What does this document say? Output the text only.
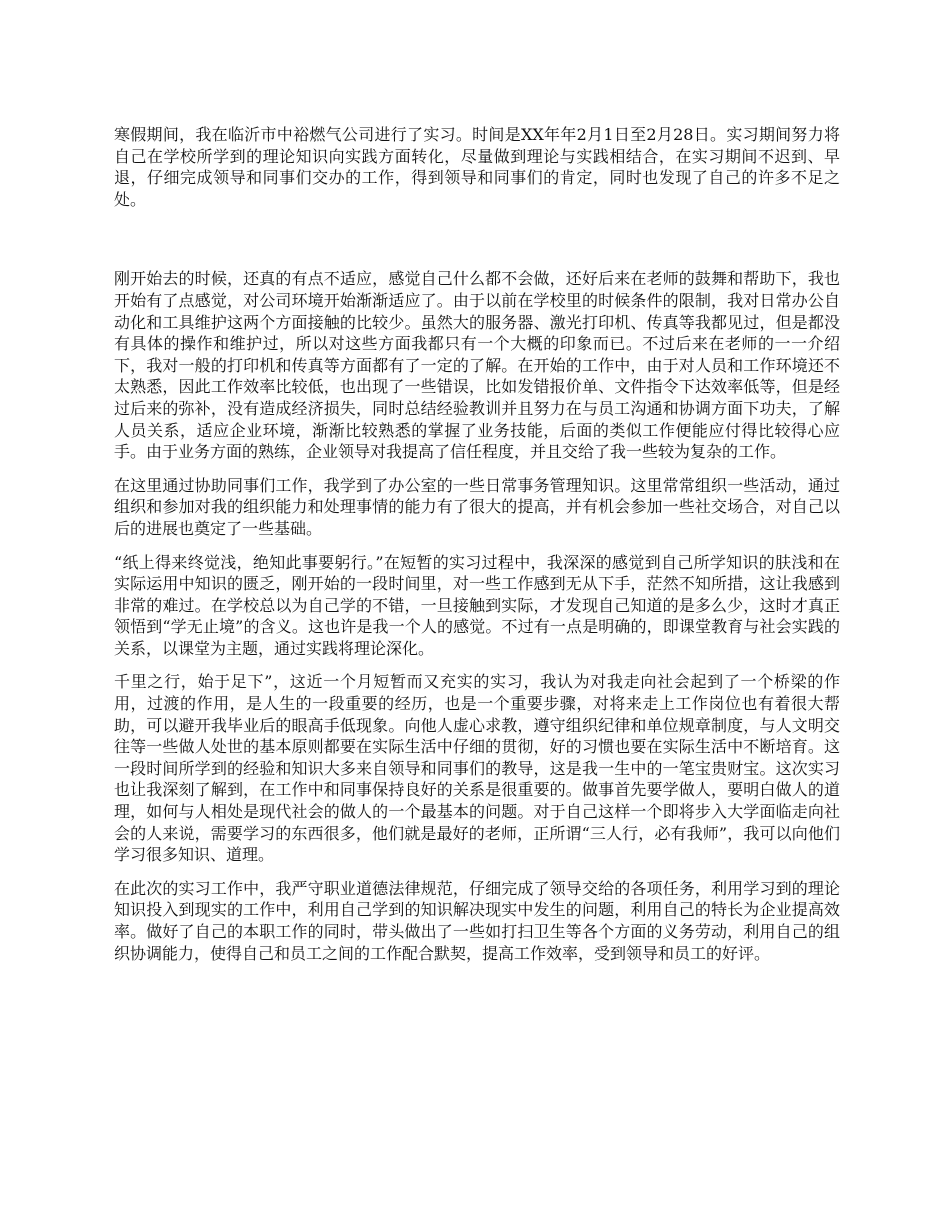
寒假期间，我在临沂市中裕燃气公司进行了实习。时间是XX年年2月1日至2月28日。实习期间努力将自己在学校所学到的理论知识向实践方面转化，尽量做到理论与实践相结合，在实习期间不迟到、早退，仔细完成领导和同事们交办的工作，得到领导和同事们的肯定，同时也发现了自己的许多不足之处。

刚开始去的时候，还真的有点不适应，感觉自己什么都不会做，还好后来在老师的鼓舞和帮助下，我也开始有了点感觉，对公司环境开始渐渐适应了。由于以前在学校里的时候条件的限制，我对日常办公自动化和工具维护这两个方面接触的比较少。虽然大的服务器、激光打印机、传真等我都见过，但是都没有具体的操作和维护过，所以对这些方面我都只有一个大概的印象而已。不过后来在老师的一一介绍下，我对一般的打印机和传真等方面都有了一定的了解。在开始的工作中，由于对人员和工作环境还不太熟悉，因此工作效率比较低，也出现了一些错误，比如发错报价单、文件指令下达效率低等，但是经过后来的弥补，没有造成经济损失，同时总结经验教训并且努力在与员工沟通和协调方面下功夫，了解人员关系，适应企业环境，渐渐比较熟悉的掌握了业务技能，后面的类似工作便能应付得比较得心应手。由于业务方面的熟练，企业领导对我提高了信任程度，并且交给了我一些较为复杂的工作。

在这里通过协助同事们工作，我学到了办公室的一些日常事务管理知识。这里常常组织一些活动，通过组织和参加对我的组织能力和处理事情的能力有了很大的提高，并有机会参加一些社交场合，对自己以后的进展也奠定了一些基础。

“纸上得来终觉浅，绝知此事要躬行。”在短暂的实习过程中，我深深的感觉到自己所学知识的肤浅和在实际运用中知识的匮乏，刚开始的一段时间里，对一些工作感到无从下手，茫然不知所措，这让我感到非常的难过。在学校总以为自己学的不错，一旦接触到实际，才发现自己知道的是多么少，这时才真正领悟到“学无止境”的含义。这也许是我一个人的感觉。不过有一点是明确的，即课堂教育与社会实践的关系，以课堂为主题，通过实践将理论深化。

千里之行，始于足下”，这近一个月短暂而又充实的实习，我认为对我走向社会起到了一个桥梁的作用，过渡的作用，是人生的一段重要的经历，也是一个重要步骤，对将来走上工作岗位也有着很大帮助，可以避开我毕业后的眼高手低现象。向他人虚心求教，遵守组织纪律和单位规章制度，与人文明交往等一些做人处世的基本原则都要在实际生活中仔细的贯彻，好的习惯也要在实际生活中不断培育。这一段时间所学到的经验和知识大多来自领导和同事们的教导，这是我一生中的一笔宝贵财宝。这次实习也让我深刻了解到，在工作中和同事保持良好的关系是很重要的。做事首先要学做人，要明白做人的道理，如何与人相处是现代社会的做人的一个最基本的问题。对于自己这样一个即将步入大学面临走向社会的人来说，需要学习的东西很多，他们就是最好的老师，正所谓“三人行，必有我师”，我可以向他们学习很多知识、道理。

在此次的实习工作中，我严守职业道德法律规范，仔细完成了领导交给的各项任务，利用学习到的理论知识投入到现实的工作中，利用自己学到的知识解决现实中发生的问题，利用自己的特长为企业提高效率。做好了自己的本职工作的同时，带头做出了一些如打扫卫生等各个方面的义务劳动，利用自己的组织协调能力，使得自己和员工之间的工作配合默契，提高工作效率，受到领导和员工的好评。
